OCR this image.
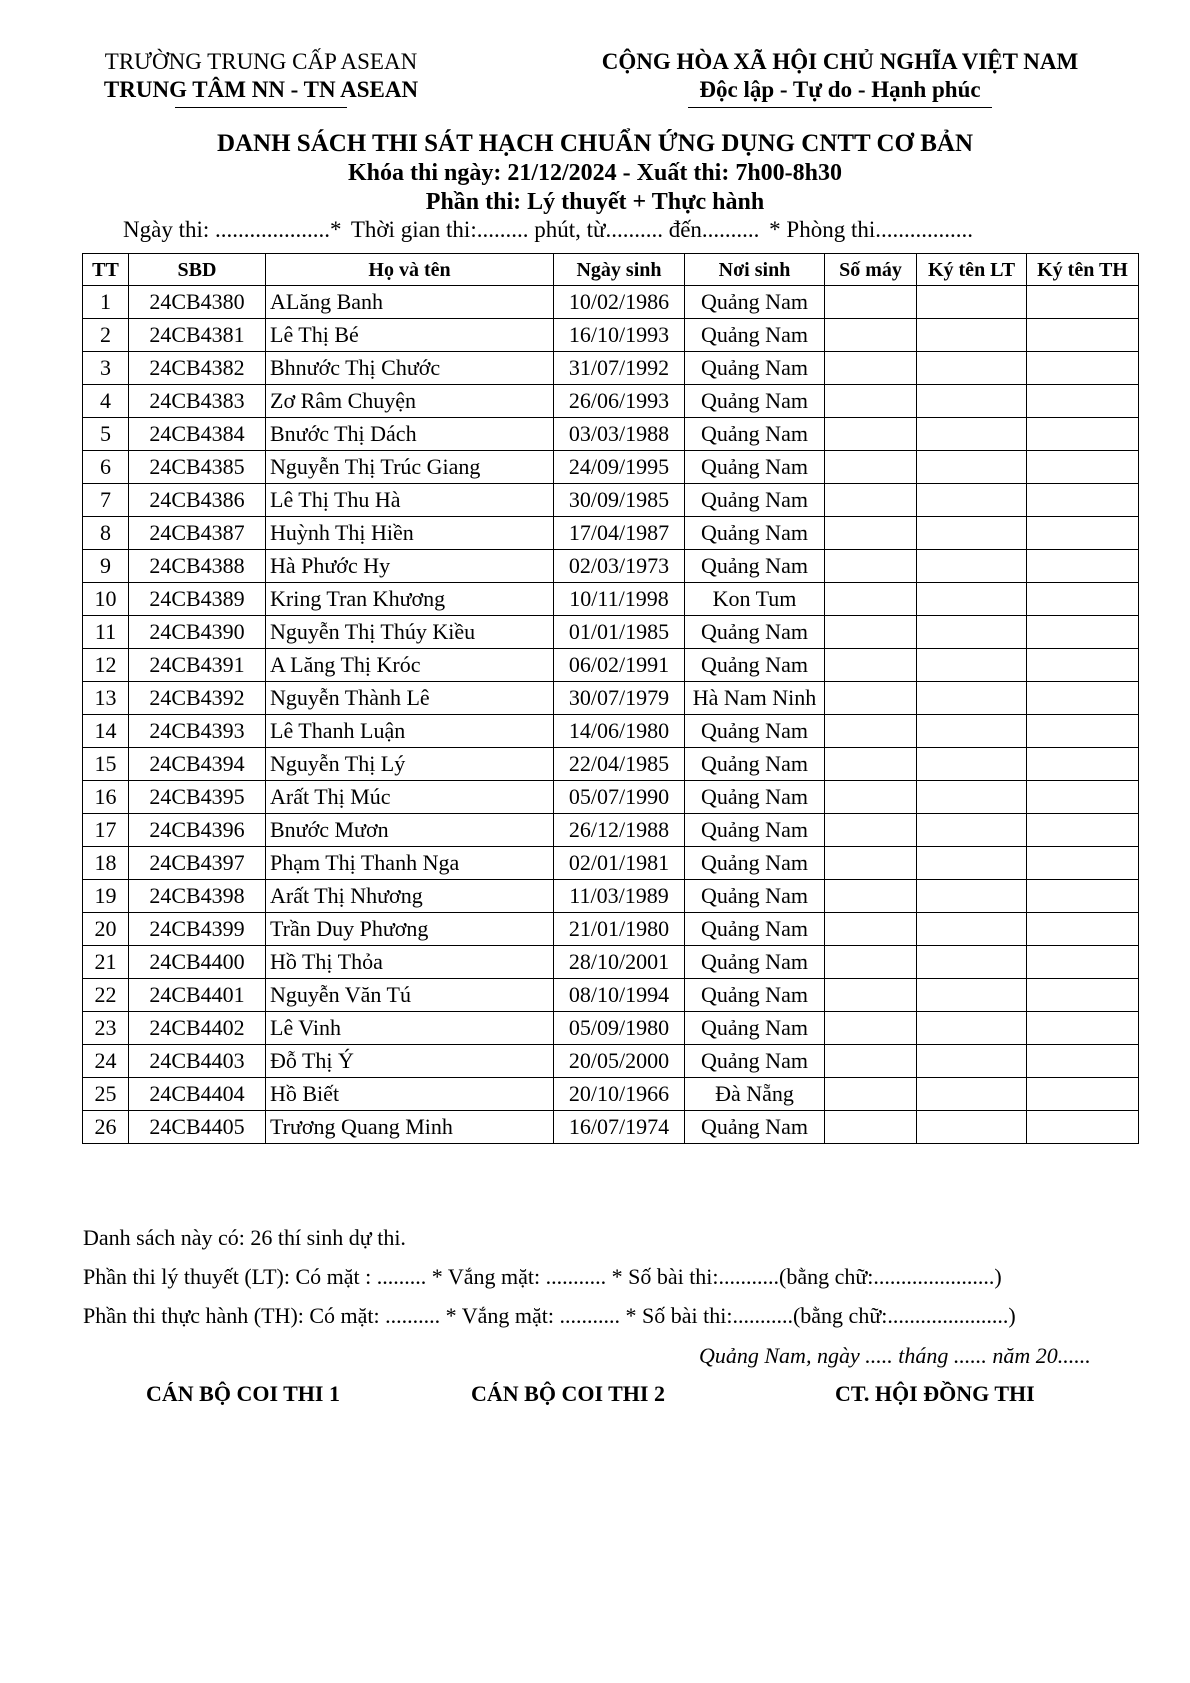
TRƯỜNG TRUNG CẤP ASEAN
TRUNG TÂM NN - TN ASEAN
CỘNG HÒA XÃ HỘI CHỦ NGHĨA VIỆT NAM
Độc lập - Tự do - Hạnh phúc
DANH SÁCH THI SÁT HẠCH CHUẨN ỨNG DỤNG CNTT CƠ BẢN
Khóa thi ngày: 21/12/2024 - Xuất thi: 7h00-8h30
Phần thi: Lý thuyết + Thực hành
Ngày thi: ....................* Thời gian thi:......... phút, từ.......... đến.......... * Phòng thi.................
TT	SBD	Họ và tên	Ngày sinh	Nơi sinh	Số máy	Ký tên LT	Ký tên TH
1	24CB4380	ALăng Banh	10/02/1986	Quảng Nam			
2	24CB4381	Lê Thị Bé	16/10/1993	Quảng Nam			
3	24CB4382	Bhnước Thị Chước	31/07/1992	Quảng Nam			
4	24CB4383	Zơ Râm Chuyện	26/06/1993	Quảng Nam			
5	24CB4384	Bnước Thị Dách	03/03/1988	Quảng Nam			
6	24CB4385	Nguyễn Thị Trúc Giang	24/09/1995	Quảng Nam			
7	24CB4386	Lê Thị Thu Hà	30/09/1985	Quảng Nam			
8	24CB4387	Huỳnh Thị Hiền	17/04/1987	Quảng Nam			
9	24CB4388	Hà Phước Hy	02/03/1973	Quảng Nam			
10	24CB4389	Kring Tran Khương	10/11/1998	Kon Tum			
11	24CB4390	Nguyễn Thị Thúy Kiều	01/01/1985	Quảng Nam			
12	24CB4391	A Lăng Thị Króc	06/02/1991	Quảng Nam			
13	24CB4392	Nguyễn Thành Lê	30/07/1979	Hà Nam Ninh			
14	24CB4393	Lê Thanh Luận	14/06/1980	Quảng Nam			
15	24CB4394	Nguyễn Thị Lý	22/04/1985	Quảng Nam			
16	24CB4395	Arất Thị Múc	05/07/1990	Quảng Nam			
17	24CB4396	Bnước Mươn	26/12/1988	Quảng Nam			
18	24CB4397	Phạm Thị Thanh Nga	02/01/1981	Quảng Nam			
19	24CB4398	Arất Thị Nhương	11/03/1989	Quảng Nam			
20	24CB4399	Trần Duy Phương	21/01/1980	Quảng Nam			
21	24CB4400	Hồ Thị Thỏa	28/10/2001	Quảng Nam			
22	24CB4401	Nguyễn Văn Tú	08/10/1994	Quảng Nam			
23	24CB4402	Lê Vinh	05/09/1980	Quảng Nam			
24	24CB4403	Đỗ Thị Ý	20/05/2000	Quảng Nam			
25	24CB4404	Hồ Biết	20/10/1966	Đà Nẵng			
26	24CB4405	Trương Quang Minh	16/07/1974	Quảng Nam			
Danh sách này có: 26 thí sinh dự thi.
Phần thi lý thuyết (LT): Có mặt : ......... * Vắng mặt: ........... * Số bài thi:...........(bằng chữ:......................)
Phần thi thực hành (TH): Có mặt: .......... * Vắng mặt: ........... * Số bài thi:...........(bằng chữ:......................)
Quảng Nam, ngày ..... tháng ...... năm 20......
CÁN BỘ COI THI 1	CÁN BỘ COI THI 2	CT. HỘI ĐỒNG THI
